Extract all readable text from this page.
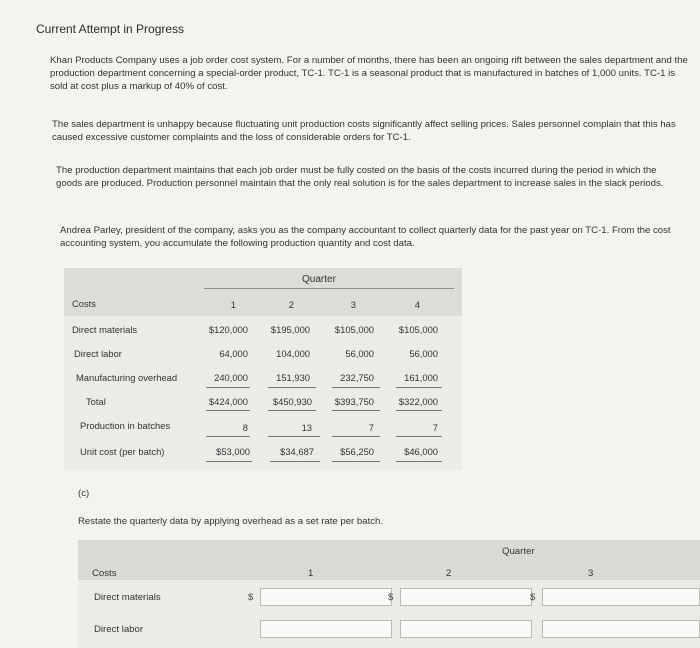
Current Attempt in Progress
Khan Products Company uses a job order cost system. For a number of months, there has been an ongoing rift between the sales department and the production department concerning a special-order product, TC-1. TC-1 is a seasonal product that is manufactured in batches of 1,000 units. TC-1 is sold at cost plus a markup of 40% of cost.
The sales department is unhappy because fluctuating unit production costs significantly affect selling prices. Sales personnel complain that this has caused excessive customer complaints and the loss of considerable orders for TC-1.
The production department maintains that each job order must be fully costed on the basis of the costs incurred during the period in which the goods are produced. Production personnel maintain that the only real solution is for the sales department to increase sales in the slack periods.
Andrea Parley, president of the company, asks you as the company accountant to collect quarterly data for the past year on TC-1. From the cost accounting system, you accumulate the following production quantity and cost data.
Quarter
Costs	1	2	3	4
Direct materials	$120,000	$195,000	$105,000	$105,000
Direct labor	64,000	104,000	56,000	56,000
Manufacturing overhead	240,000	151,930	232,750	161,000
Total	$424,000	$450,930	$393,750	$322,000
Production in batches	8	13	7	7
Unit cost (per batch)	$53,000	$34,687	$56,250	$46,000
(c)
Restate the quarterly data by applying overhead as a set rate per batch.
Quarter
Costs	1	2	3
Direct materials	$	$	$
Direct labor
